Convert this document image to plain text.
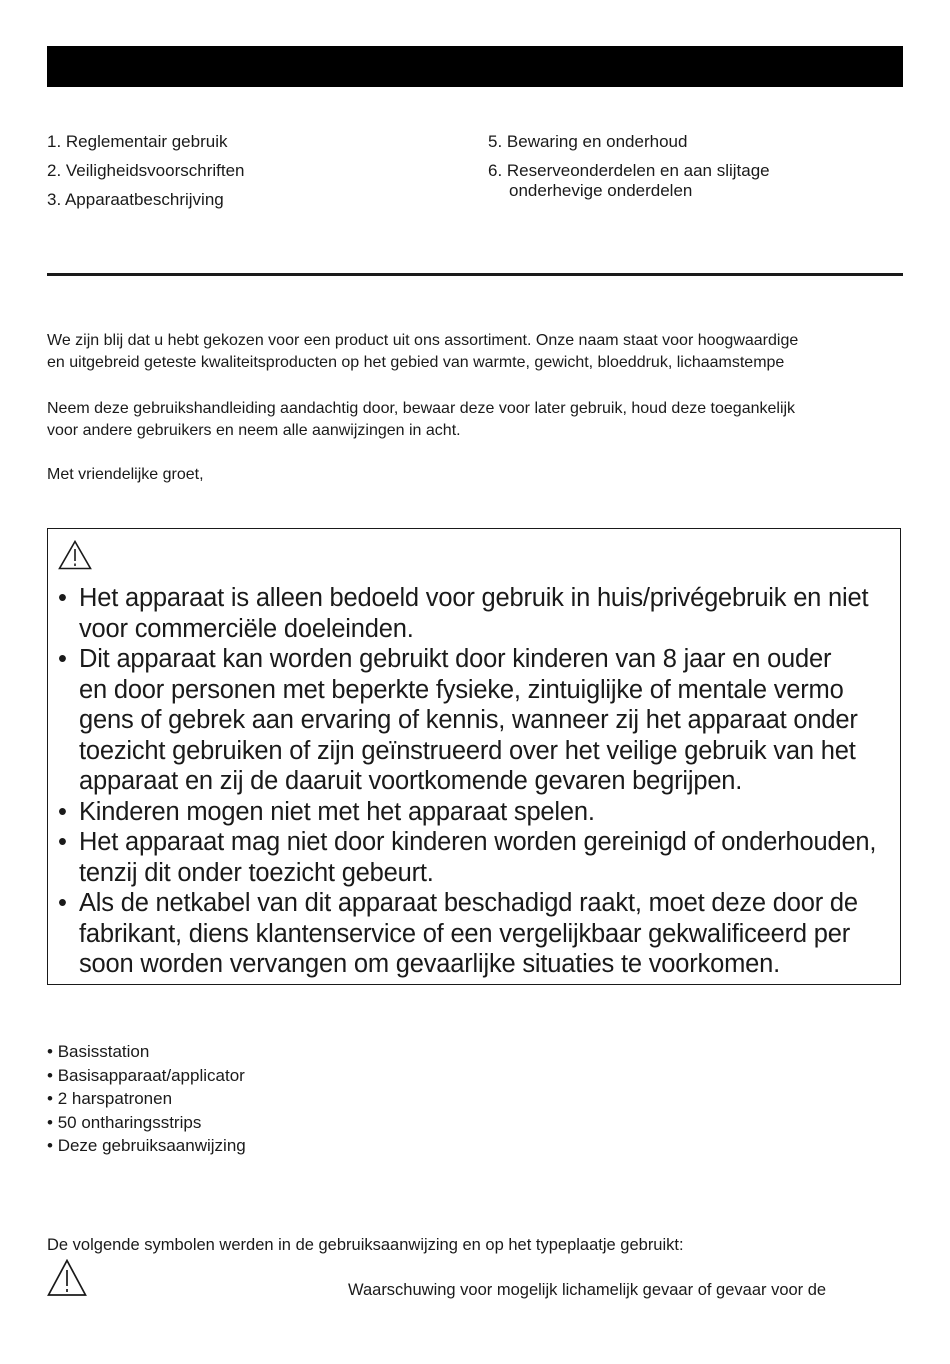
1. Reglementair gebruik
2. Veiligheidsvoorschriften
3. Apparaatbeschrijving
5. Bewaring en onderhoud
6. Reserveonderdelen en aan slijtage
onderhevige onderdelen

We zijn blij dat u hebt gekozen voor een product uit ons assortiment. Onze naam staat voor hoogwaardige
en uitgebreid geteste kwaliteitsproducten op het gebied van warmte, gewicht, bloeddruk, lichaamstempe

Neem deze gebruikshandleiding aandachtig door, bewaar deze voor later gebruik, houd deze toegankelijk
voor andere gebruikers en neem alle aanwijzingen in acht.

Met vriendelijke groet,

• Het apparaat is alleen bedoeld voor gebruik in huis/privégebruik en niet
voor commerciële doeleinden.
• Dit apparaat kan worden gebruikt door kinderen van 8 jaar en ouder
en door personen met beperkte fysieke, zintuiglijke of mentale vermo
gens of gebrek aan ervaring of kennis, wanneer zij het apparaat onder
toezicht gebruiken of zijn geïnstrueerd over het veilige gebruik van het
apparaat en zij de daaruit voortkomende gevaren begrijpen.
• Kinderen mogen niet met het apparaat spelen.
• Het apparaat mag niet door kinderen worden gereinigd of onderhouden,
tenzij dit onder toezicht gebeurt.
• Als de netkabel van dit apparaat beschadigd raakt, moet deze door de
fabrikant, diens klantenservice of een vergelijkbaar gekwalificeerd per
soon worden vervangen om gevaarlijke situaties te voorkomen.
• Basisstation
• Basisapparaat/applicator
• 2 harspatronen
• 50 ontharingsstrips
• Deze gebruiksaanwijzing
De volgende symbolen werden in de gebruiksaanwijzing en op het typeplaatje gebruikt:
Waarschuwing voor mogelijk lichamelijk gevaar of gevaar voor de
